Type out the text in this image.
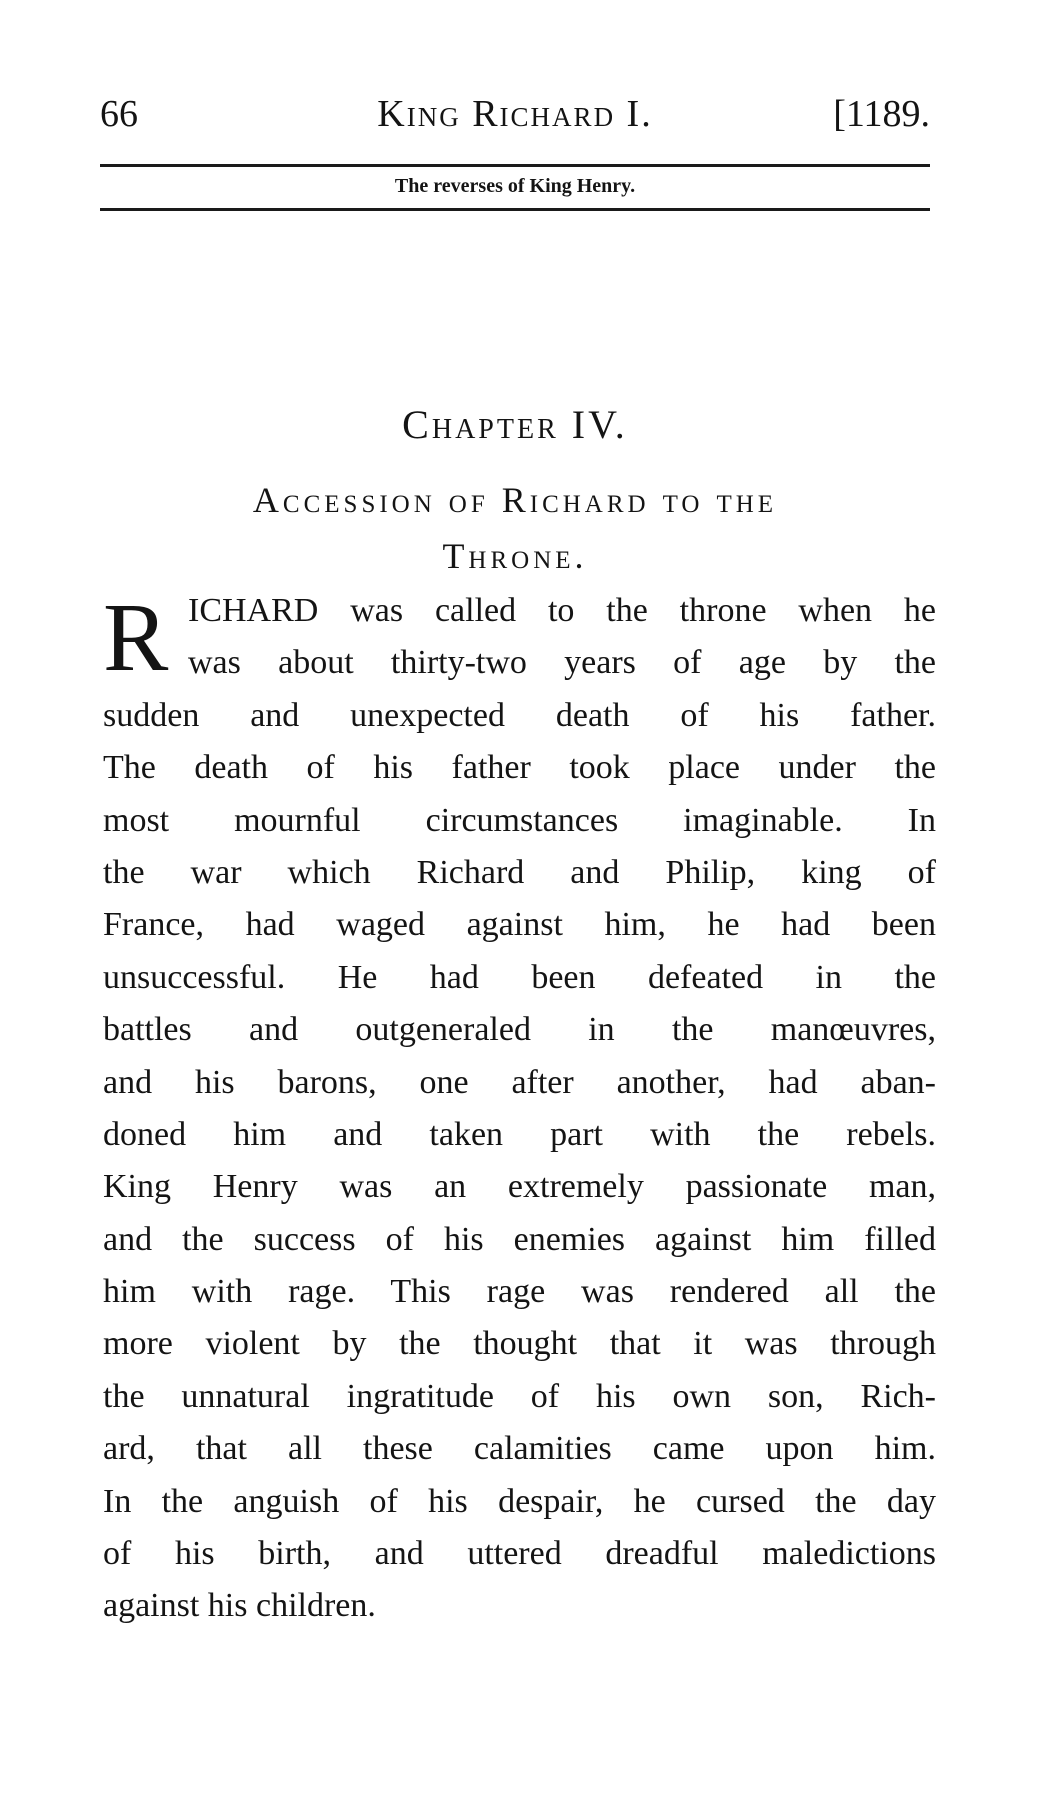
66	King Richard I.	[1189.
The reverses of King Henry.
Chapter IV.
Accession of Richard to the
Throne.
R ICHARD was called to the throne when he
was about thirty-two years of age by the
sudden and unexpected death of his father.
The death of his father took place under the
most mournful circumstances imaginable. In
the war which Richard and Philip, king of
France, had waged against him, he had been
unsuccessful. He had been defeated in the
battles and outgeneraled in the manœuvres,
and his barons, one after another, had aban-
doned him and taken part with the rebels.
King Henry was an extremely passionate man,
and the success of his enemies against him filled
him with rage. This rage was rendered all the
more violent by the thought that it was through
the unnatural ingratitude of his own son, Rich-
ard, that all these calamities came upon him.
In the anguish of his despair, he cursed the day
of his birth, and uttered dreadful maledictions
against his children.
